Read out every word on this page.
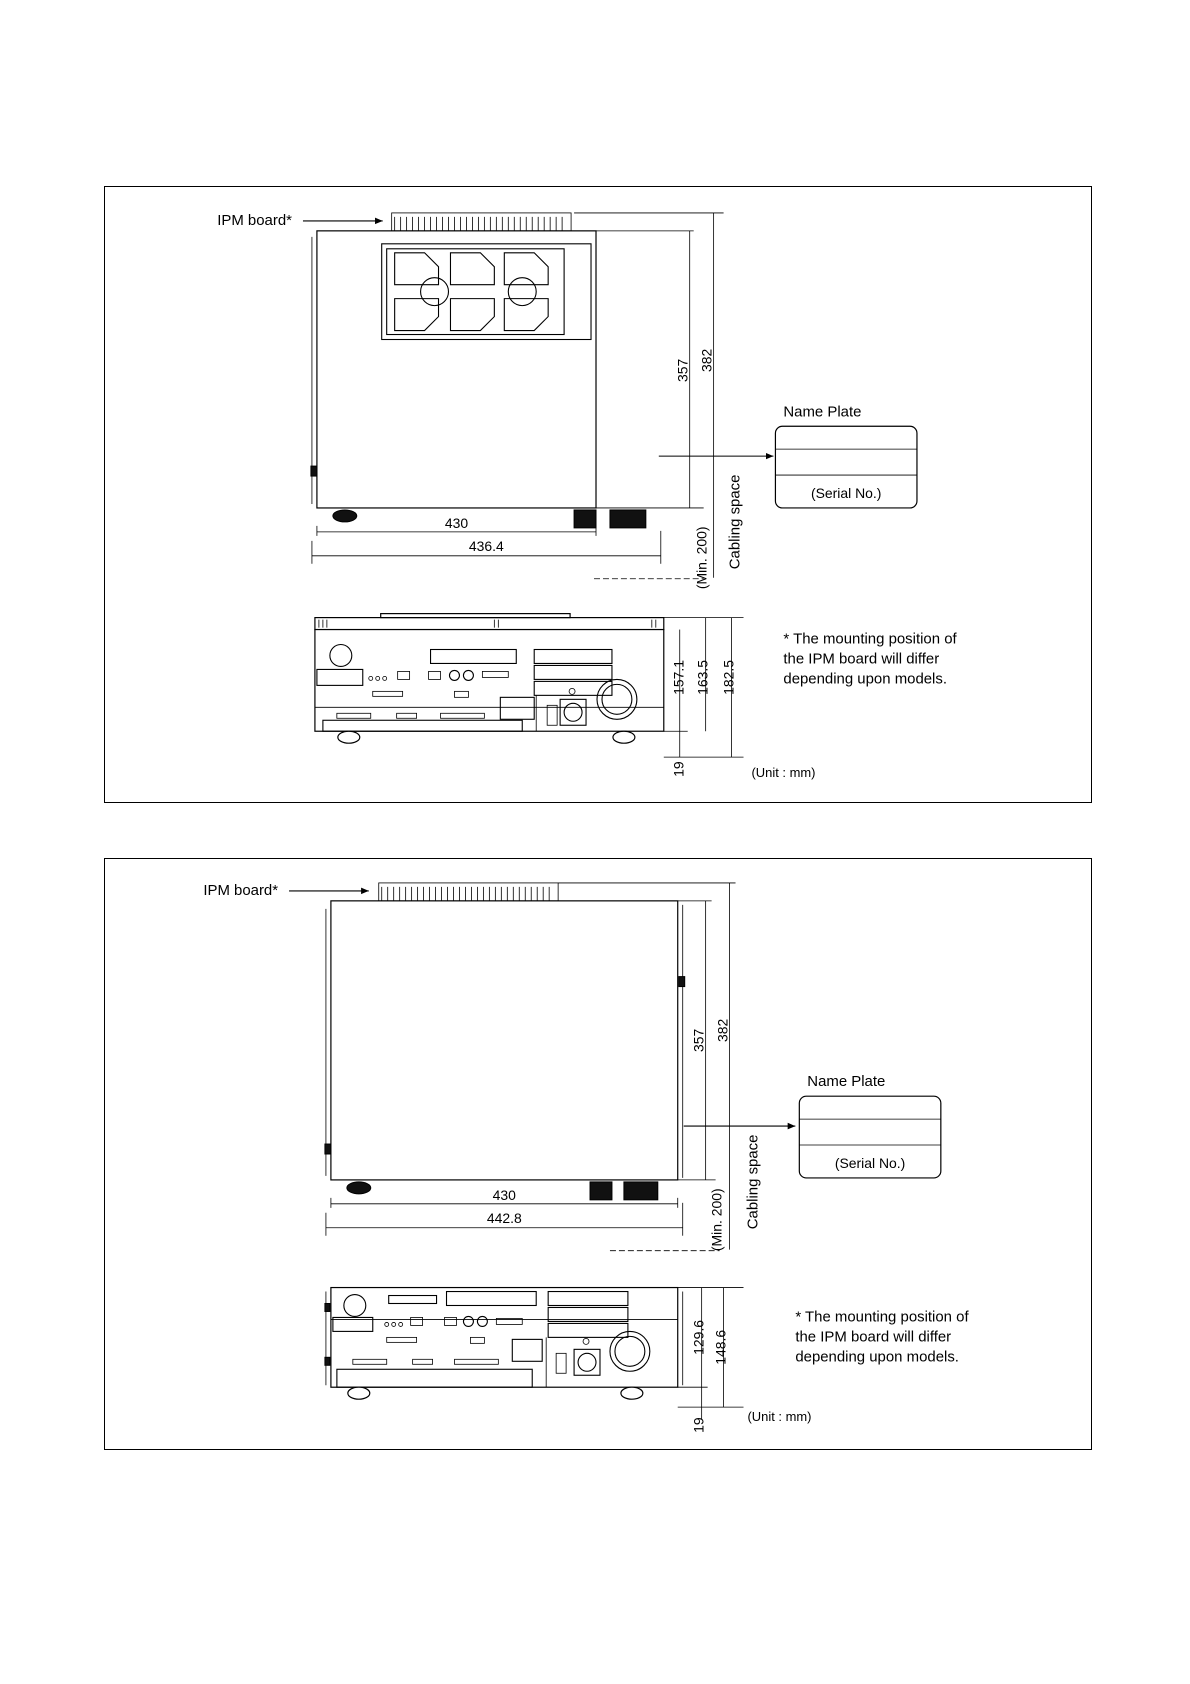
IPM board*
430
436.4
357 382
(Min. 200) Cabling space
Name Plate
(Serial No.)
157.1 163.5 182.5
19
* The mounting position of
the IPM board will differ
depending upon models.
(Unit : mm)
IPM board*
430
442.8
357 382
(Min. 200) Cabling space
Name Plate
(Serial No.)
129.6 148.6
19
* The mounting position of
the IPM board will differ
depending upon models.
(Unit : mm)
